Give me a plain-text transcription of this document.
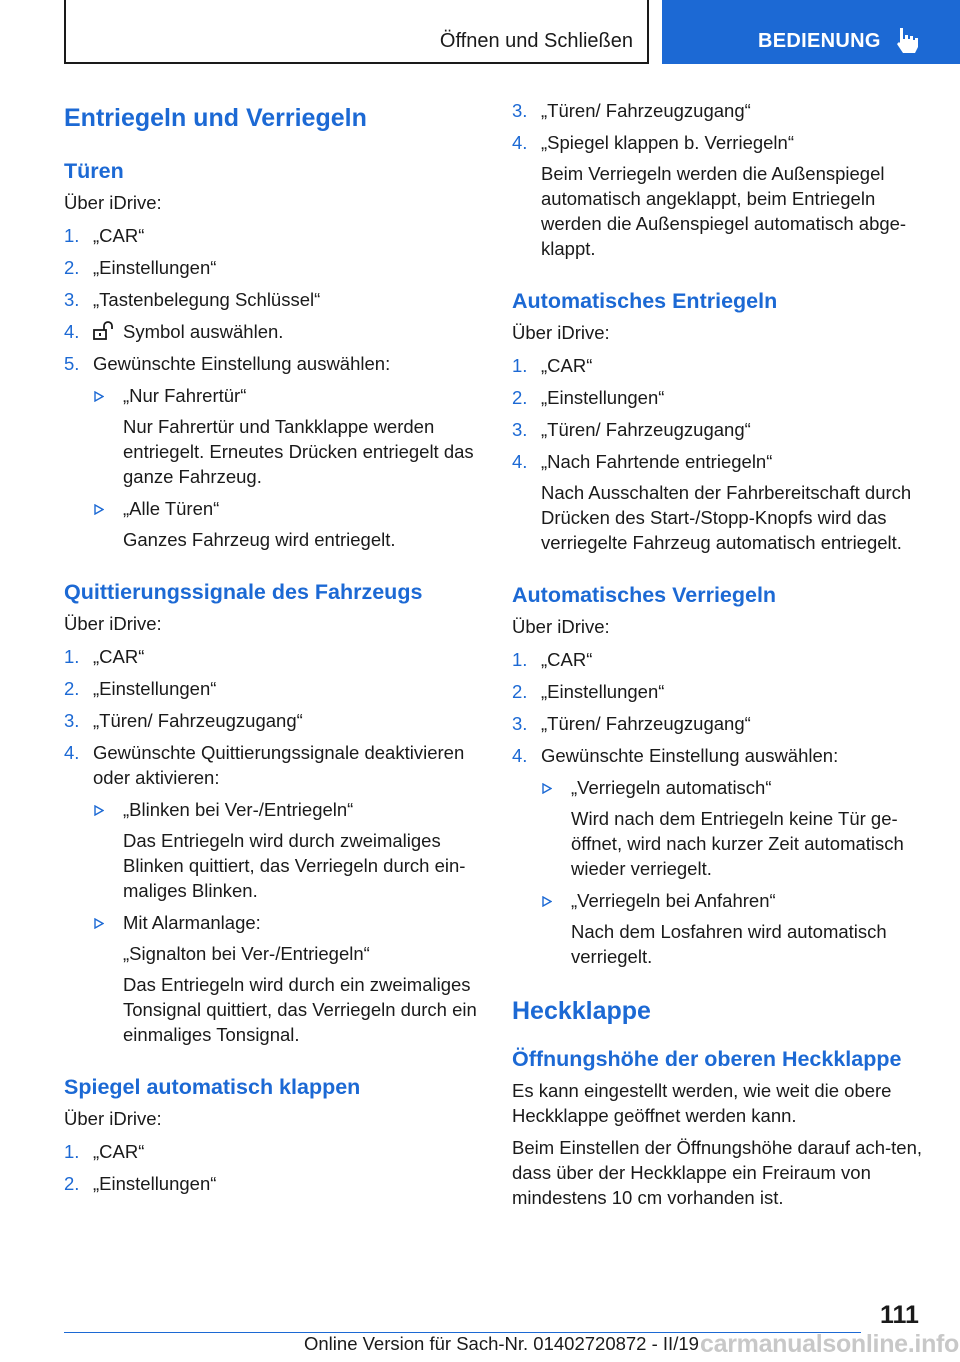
Öffnen und Schließen	BEDIENUNG
Entriegeln und Verriegeln
Türen
Über iDrive:
1. „CAR“
2. „Einstellungen“
3. „Tastenbelegung Schlüssel“
4. Symbol auswählen.
5. Gewünschte Einstellung auswählen:
„Nur Fahrertür“
Nur Fahrertür und Tankklappe werden entriegelt. Erneutes Drücken entriegelt das ganze Fahrzeug.
„Alle Türen“
Ganzes Fahrzeug wird entriegelt.
Quittierungssignale des Fahrzeugs
Über iDrive:
1. „CAR“
2. „Einstellungen“
3. „Türen/ Fahrzeugzugang“
4. Gewünschte Quittierungssignale deaktivieren oder aktivieren:
„Blinken bei Ver-/Entriegeln“
Das Entriegeln wird durch zweimaliges Blinken quittiert, das Verriegeln durch ein-maliges Blinken.
Mit Alarmanlage:
„Signalton bei Ver-/Entriegeln“
Das Entriegeln wird durch ein zweimaliges Tonsignal quittiert, das Verriegeln durch ein einmaliges Tonsignal.
Spiegel automatisch klappen
Über iDrive:
1. „CAR“
2. „Einstellungen“
3. „Türen/ Fahrzeugzugang“
4. „Spiegel klappen b. Verriegeln“
Beim Verriegeln werden die Außenspiegel automatisch angeklappt, beim Entriegeln werden die Außenspiegel automatisch abge-klappt.
Automatisches Entriegeln
Über iDrive:
1. „CAR“
2. „Einstellungen“
3. „Türen/ Fahrzeugzugang“
4. „Nach Fahrtende entriegeln“
Nach Ausschalten der Fahrbereitschaft durch Drücken des Start-/Stopp-Knopfs wird das verriegelte Fahrzeug automatisch entriegelt.
Automatisches Verriegeln
Über iDrive:
1. „CAR“
2. „Einstellungen“
3. „Türen/ Fahrzeugzugang“
4. Gewünschte Einstellung auswählen:
„Verriegeln automatisch“
Wird nach dem Entriegeln keine Tür ge-öffnet, wird nach kurzer Zeit automatisch wieder verriegelt.
„Verriegeln bei Anfahren“
Nach dem Losfahren wird automatisch verriegelt.
Heckklappe
Öffnungshöhe der oberen Heckklappe
Es kann eingestellt werden, wie weit die obere Heckklappe geöffnet werden kann.
Beim Einstellen der Öffnungshöhe darauf ach-ten, dass über der Heckklappe ein Freiraum von mindestens 10 cm vorhanden ist.
111
Online Version für Sach-Nr. 01402720872 - II/19 carmanualsonline.info
